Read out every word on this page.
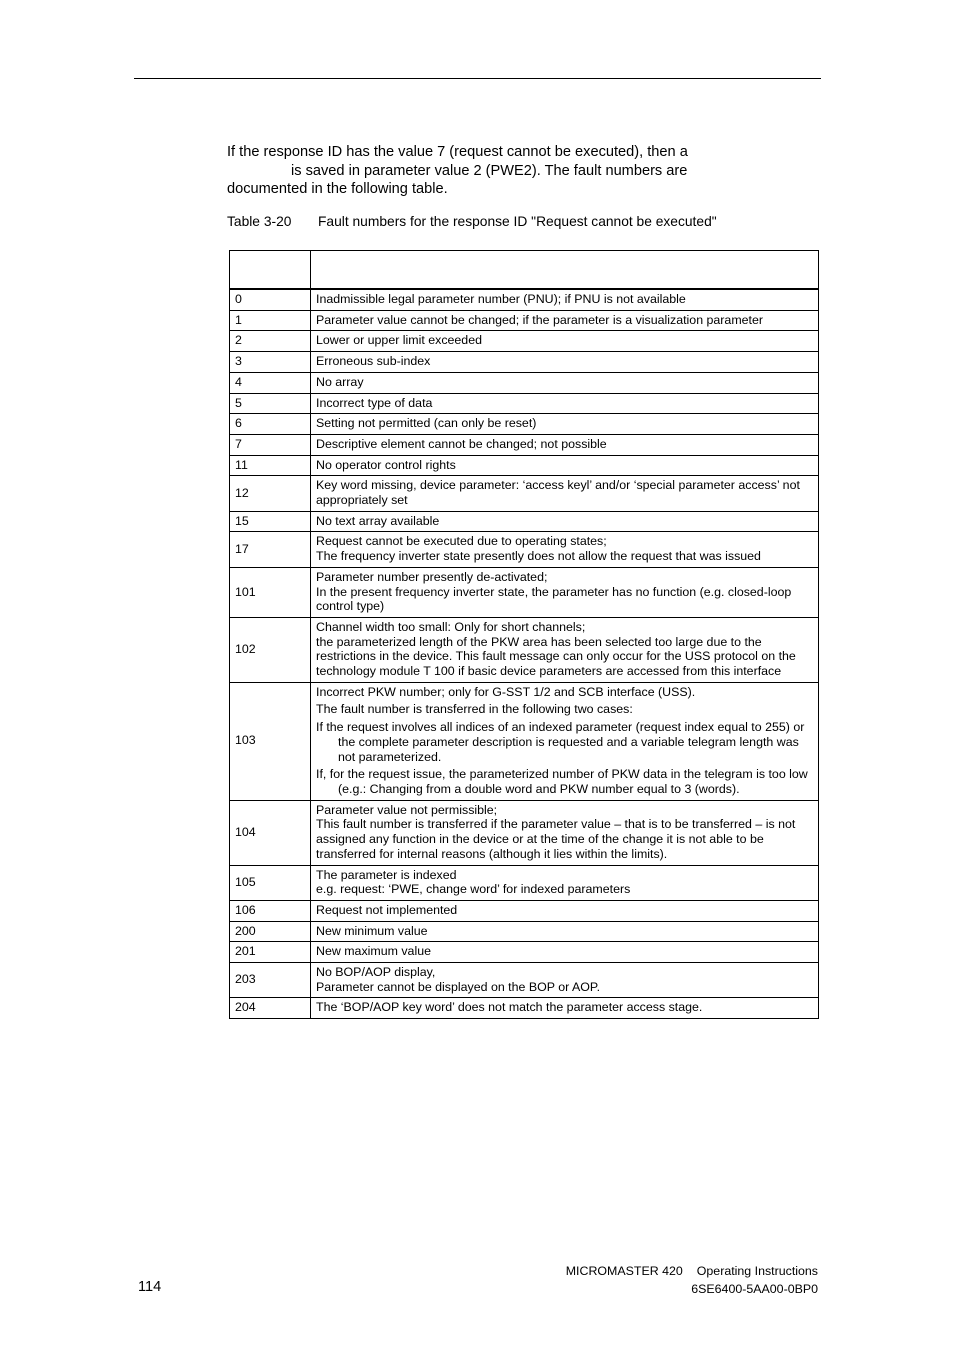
If the response ID has the value 7 (request cannot be executed), then a
is saved in parameter value 2 (PWE2). The fault numbers are
documented in the following table.
Table 3-20 Fault numbers for the response ID "Request cannot be executed"

0	Inadmissible legal parameter number (PNU); if PNU is not available

1	Parameter value cannot be changed; if the parameter is a visualization parameter

2	Lower or upper limit exceeded

3	Erroneous sub-index

4	No array

5	Incorrect type of data

6	Setting not permitted (can only be reset)

7	Descriptive element cannot be changed; not possible

11	No operator control rights

12	Key word missing, device parameter: ‘access keyl’ and/or ‘special parameter access’ not appropriately set

15	No text array available

17	Request cannot be executed due to operating states;
The frequency inverter state presently does not allow the request that was issued

101	Parameter number presently de-activated;
In the present frequency inverter state, the parameter has no function (e.g. closed-loop control type)

102	Channel width too small: Only for short channels;
the parameterized length of the PKW area has been selected too large due to the restrictions in the device. This fault message can only occur for the USS protocol on the technology module T 100 if basic device parameters are accessed from this interface

103	Incorrect PKW number; only for G-SST 1/2 and SCB interface (USS).
The fault number is transferred in the following two cases:
If the request involves all indices of an indexed parameter (request index equal to 255) or the complete parameter description is requested and a variable telegram length was not parameterized.
If, for the request issue, the parameterized number of PKW data in the telegram is too low (e.g.: Changing from a double word and PKW number equal to 3 (words).

104	Parameter value not permissible;
This fault number is transferred if the parameter value – that is to be transferred – is not assigned any function in the device or at the time of the change it is not able to be transferred for internal reasons (although it lies within the limits).

105	The parameter is indexed
e.g. request: ‘PWE, change word’ for indexed parameters

106	Request not implemented

200	New minimum value

201	New maximum value

203	No BOP/AOP display,
Parameter cannot be displayed on the BOP or AOP.

204	The ‘BOP/AOP key word’ does not match the parameter access stage.
MICROMASTER 420 Operating Instructions
6SE6400-5AA00-0BP0
114
